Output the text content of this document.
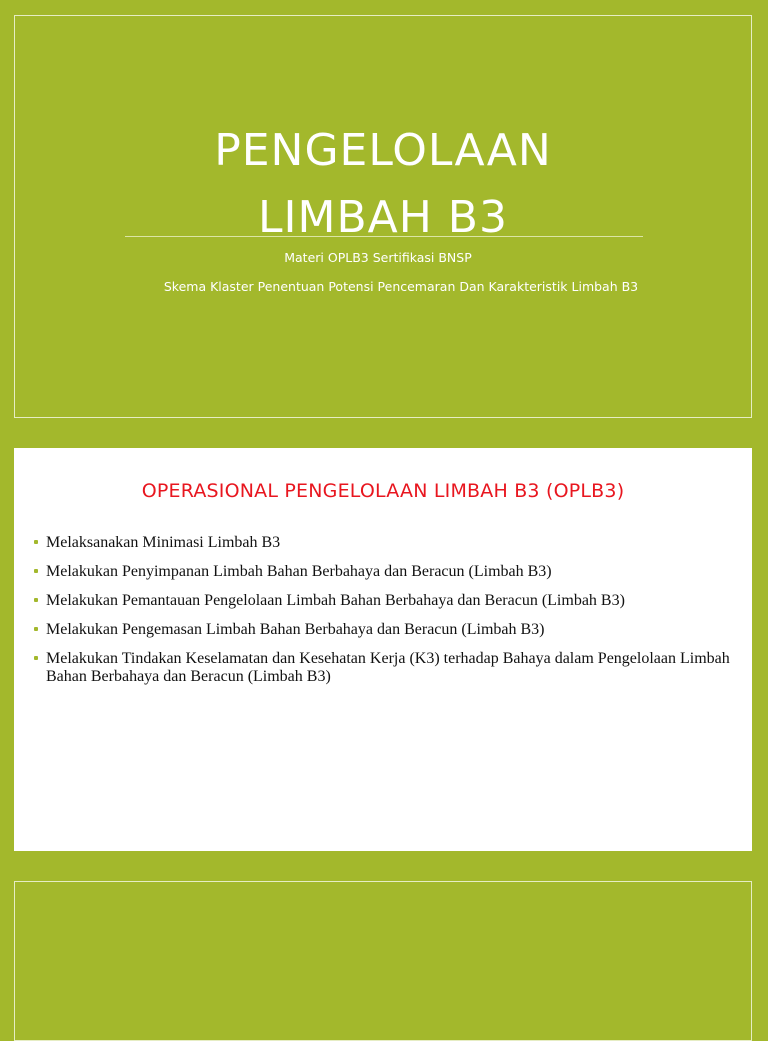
PENGELOLAAN
LIMBAH B3
Materi OPLB3 Sertifikasi BNSP
Skema Klaster Penentuan Potensi Pencemaran Dan Karakteristik Limbah B3
OPERASIONAL PENGELOLAAN LIMBAH B3 (OPLB3)
Melaksanakan Minimasi Limbah B3
Melakukan Penyimpanan Limbah Bahan Berbahaya dan Beracun (Limbah B3)
Melakukan Pemantauan Pengelolaan Limbah Bahan Berbahaya dan Beracun (Limbah B3)
Melakukan Pengemasan Limbah Bahan Berbahaya dan Beracun (Limbah B3)
Melakukan Tindakan Keselamatan dan Kesehatan Kerja (K3) terhadap Bahaya dalam Pengelolaan Limbah Bahan Berbahaya dan Beracun (Limbah B3)
